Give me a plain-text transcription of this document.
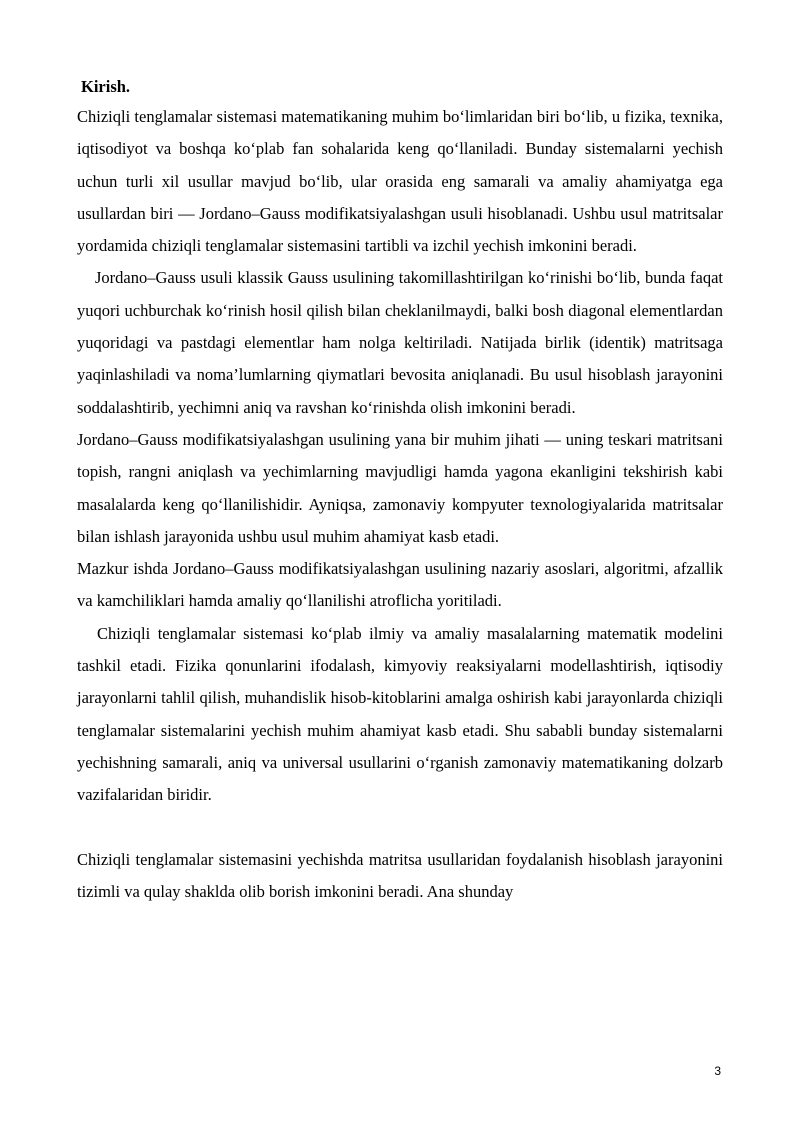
Kirish.

Chiziqli tenglamalar sistemasi matematikaning muhim bo‘limlaridan biri bo‘lib, u fizika, texnika, iqtisodiyot va boshqa ko‘plab fan sohalarida keng qo‘llaniladi. Bunday sistemalarni yechish uchun turli xil usullar mavjud bo‘lib, ular orasida eng samarali va amaliy ahamiyatga ega usullardan biri — Jordano–Gauss modifikatsiyalashgan usuli hisoblanadi. Ushbu usul matritsalar yordamida chiziqli tenglamalar sistemasini tartibli va izchil yechish imkonini beradi.

Jordano–Gauss usuli klassik Gauss usulining takomillashtirilgan ko‘rinishi bo‘lib, bunda faqat yuqori uchburchak ko‘rinish hosil qilish bilan cheklanilmaydi, balki bosh diagonal elementlardan yuqoridagi va pastdagi elementlar ham nolga keltiriladi. Natijada birlik (identik) matritsaga yaqinlashiladi va noma’lumlarning qiymatlari bevosita aniqlanadi. Bu usul hisoblash jarayonini soddalashtirib, yechimni aniq va ravshan ko‘rinishda olish imkonini beradi.

Jordano–Gauss modifikatsiyalashgan usulining yana bir muhim jihati — uning teskari matritsani topish, rangni aniqlash va yechimlarning mavjudligi hamda yagona ekanligini tekshirish kabi masalalarda keng qo‘llanilishidir. Ayniqsa, zamonaviy kompyuter texnologiyalarida matritsalar bilan ishlash jarayonida ushbu usul muhim ahamiyat kasb etadi.

Mazkur ishda Jordano–Gauss modifikatsiyalashgan usulining nazariy asoslari, algoritmi, afzallik va kamchiliklari hamda amaliy qo‘llanilishi atroflicha yoritiladi.

Chiziqli tenglamalar sistemasi ko‘plab ilmiy va amaliy masalalarning matematik modelini tashkil etadi. Fizika qonunlarini ifodalash, kimyoviy reaksiyalarni modellashtirish, iqtisodiy jarayonlarni tahlil qilish, muhandislik hisob-kitoblarini amalga oshirish kabi jarayonlarda chiziqli tenglamalar sistemalarini yechish muhim ahamiyat kasb etadi. Shu sababli bunday sistemalarni yechishning samarali, aniq va universal usullarini o‘rganish zamonaviy matematikaning dolzarb vazifalaridan biridir.

Chiziqli tenglamalar sistemasini yechishda matritsa usullaridan foydalanish hisoblash jarayonini tizimli va qulay shaklda olib borish imkonini beradi. Ana shunday

3
